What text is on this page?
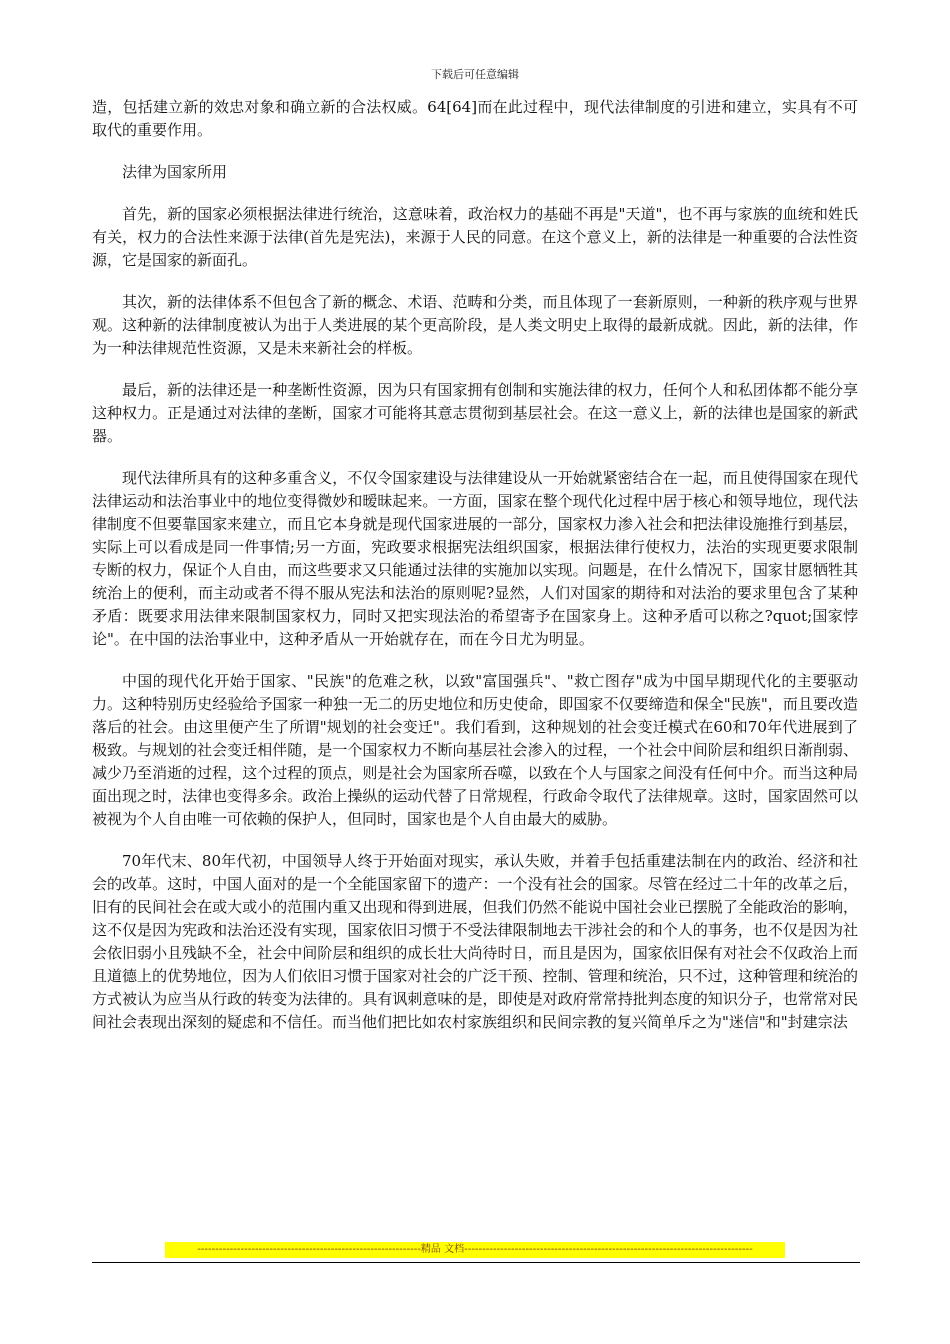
下载后可任意编辑

造，包括建立新的效忠对象和确立新的合法权威。64[64]而在此过程中，现代法律制度的引进和建立，实具有不可取代的重要作用。

法律为国家所用

首先，新的国家必须根据法律进行统治，这意味着，政治权力的基础不再是"天道"，也不再与家族的血统和姓氏有关，权力的合法性来源于法律(首先是宪法)，来源于人民的同意。在这个意义上，新的法律是一种重要的合法性资源，它是国家的新面孔。

其次，新的法律体系不但包含了新的概念、术语、范畴和分类，而且体现了一套新原则，一种新的秩序观与世界观。这种新的法律制度被认为出于人类进展的某个更高阶段，是人类文明史上取得的最新成就。因此，新的法律，作为一种法律规范性资源，又是未来新社会的样板。

最后，新的法律还是一种垄断性资源，因为只有国家拥有创制和实施法律的权力，任何个人和私团体都不能分享这种权力。正是通过对法律的垄断，国家才可能将其意志贯彻到基层社会。在这一意义上，新的法律也是国家的新武器。

现代法律所具有的这种多重含义，不仅令国家建设与法律建设从一开始就紧密结合在一起，而且使得国家在现代法律运动和法治事业中的地位变得微妙和暧昧起来。一方面，国家在整个现代化过程中居于核心和领导地位，现代法律制度不但要靠国家来建立，而且它本身就是现代国家进展的一部分，国家权力渗入社会和把法律设施推行到基层，实际上可以看成是同一件事情;另一方面，宪政要求根据宪法组织国家，根据法律行使权力，法治的实现更要求限制专断的权力，保证个人自由，而这些要求又只能通过法律的实施加以实现。问题是，在什么情况下，国家甘愿牺牲其统治上的便利，而主动或者不得不服从宪法和法治的原则呢?显然，人们对国家的期待和对法治的要求里包含了某种矛盾：既要求用法律来限制国家权力，同时又把实现法治的希望寄予在国家身上。这种矛盾可以称之?quot;国家悖论"。在中国的法治事业中，这种矛盾从一开始就存在，而在今日尤为明显。

中国的现代化开始于国家、"民族"的危难之秋，以致"富国强兵"、"救亡图存"成为中国早期现代化的主要驱动力。这种特别历史经验给予国家一种独一无二的历史地位和历史使命，即国家不仅要缔造和保全"民族"，而且要改造落后的社会。由这里便产生了所谓"规划的社会变迁"。我们看到，这种规划的社会变迁模式在60和70年代进展到了极致。与规划的社会变迁相伴随，是一个国家权力不断向基层社会渗入的过程，一个社会中间阶层和组织日渐削弱、减少乃至消逝的过程，这个过程的顶点，则是社会为国家所吞噬，以致在个人与国家之间没有任何中介。而当这种局面出现之时，法律也变得多余。政治上操纵的运动代替了日常规程，行政命令取代了法律规章。这时，国家固然可以被视为个人自由唯一可依赖的保护人，但同时，国家也是个人自由最大的威胁。

70年代末、80年代初，中国领导人终于开始面对现实，承认失败，并着手包括重建法制在内的政治、经济和社会的改革。这时，中国人面对的是一个全能国家留下的遗产：一个没有社会的国家。尽管在经过二十年的改革之后，旧有的民间社会在或大或小的范围内重又出现和得到进展，但我们仍然不能说中国社会业已摆脱了全能政治的影响，这不仅是因为宪政和法治还没有实现，国家依旧习惯于不受法律限制地去干涉社会的和个人的事务，也不仅是因为社会依旧弱小且残缺不全，社会中间阶层和组织的成长壮大尚待时日，而且是因为，国家依旧保有对社会不仅政治上而且道德上的优势地位，因为人们依旧习惯于国家对社会的广泛干预、控制、管理和统治，只不过，这种管理和统治的方式被认为应当从行政的转变为法律的。具有讽刺意味的是，即使是对政府常常持批判态度的知识分子，也常常对民间社会表现出深刻的疑虑和不信任。而当他们把比如农村家族组织和民间宗教的复兴简单斥之为"迷信"和"封建宗法

--------------------------------------------------------------精品 文档--------------------------------------------------------------------------------
